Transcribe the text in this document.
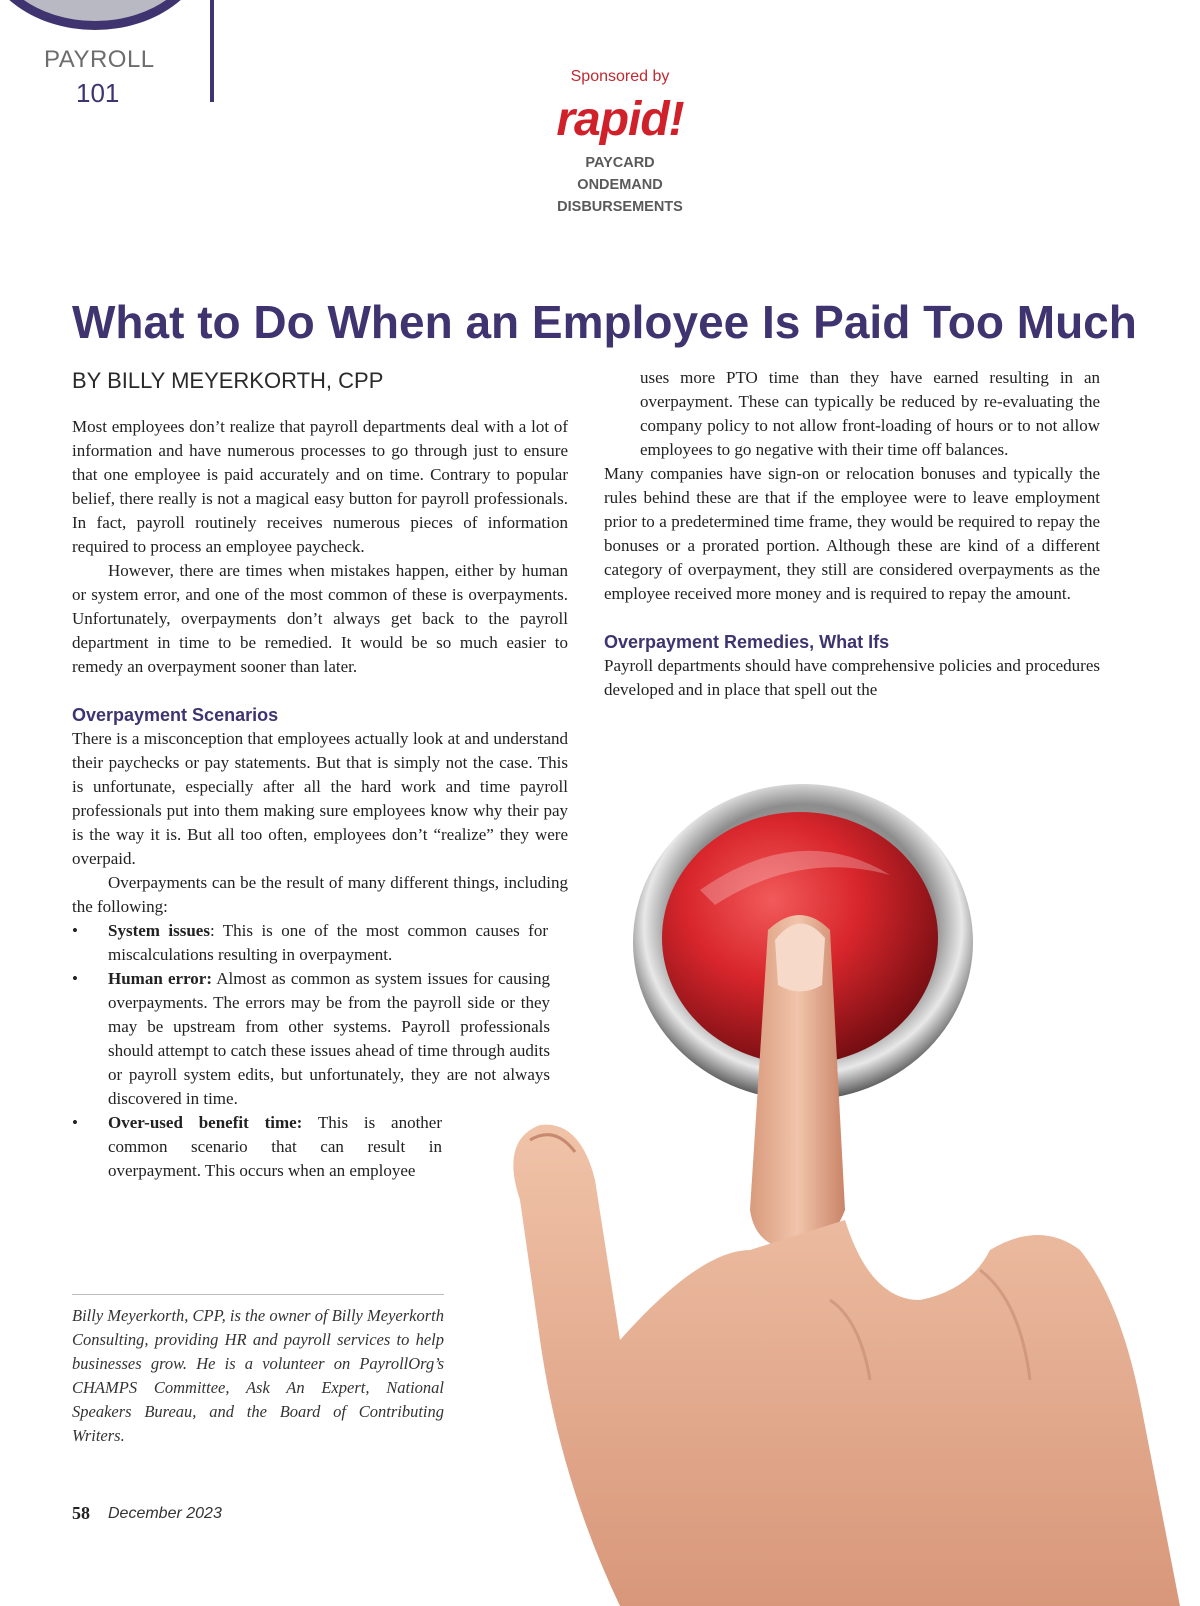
PAYROLL
101
Sponsored by
rapid!
PAYCARD
ONDEMAND
DISBURSEMENTS
What to Do When an Employee Is Paid Too Much
BY BILLY MEYERKORTH, CPP

Most employees don’t realize that payroll departments deal with a lot of information and have numerous processes to go through just to ensure that one employee is paid accurately and on time. Contrary to popular belief, there really is not a magical easy button for payroll professionals. In fact, payroll routinely receives numerous pieces of information required to process an employee paycheck.

However, there are times when mistakes happen, either by human or system error, and one of the most common of these is overpayments. Unfortunately, overpayments don’t always get back to the payroll department in time to be remedied. It would be so much easier to remedy an overpayment sooner than later.

Overpayment Scenarios

There is a misconception that employees actually look at and understand their paychecks or pay statements. But that is simply not the case. This is unfortunate, especially after all the hard work and time payroll professionals put into them making sure employees know why their pay is the way it is. But all too often, employees don’t “realize” they were overpaid.

Overpayments can be the result of many different things, including the following:

• System issues: This is one of the most common causes for miscalculations resulting in overpayment.
• Human error: Almost as common as system issues for causing overpayments. The errors may be from the payroll side or they may be upstream from other systems. Payroll professionals should attempt to catch these issues ahead of time through audits or payroll system edits, but unfortunately, they are not always discovered in time.
• Over-used benefit time: This is another common scenario that can result in overpayment. This occurs when an employee

uses more PTO time than they have earned resulting in an overpayment. These can typically be reduced by re-evaluating the company policy to not allow front-loading of hours or to not allow employees to go negative with their time off balances.

Many companies have sign-on or relocation bonuses and typically the rules behind these are that if the employee were to leave employment prior to a predetermined time frame, they would be required to repay the bonuses or a prorated portion. Although these are kind of a different category of overpayment, they still are considered overpayments as the employee received more money and is required to repay the amount.

Overpayment Remedies, What Ifs

Payroll departments should have comprehensive policies and procedures developed and in place that spell out the

Billy Meyerkorth, CPP, is the owner of Billy Meyerkorth Consulting, providing HR and payroll services to help businesses grow. He is a volunteer on PayrollOrg’s CHAMPS Committee, Ask An Expert, National Speakers Bureau, and the Board of Contributing Writers.

58 December 2023
